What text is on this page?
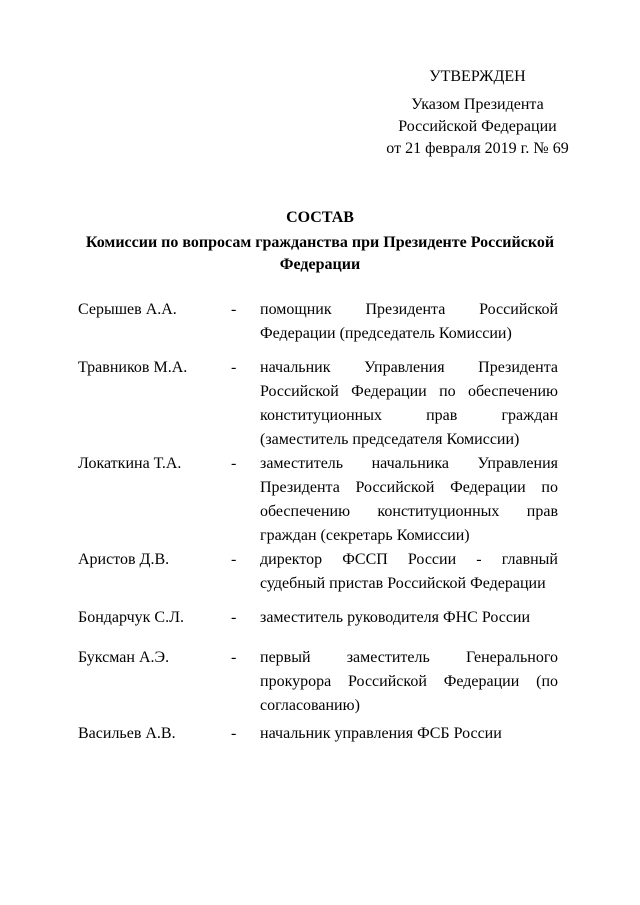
УТВЕРЖДЕН
Указом Президента
Российской Федерации
от 21 февраля 2019 г. № 69
СОСТАВ
Комиссии по вопросам гражданства при Президенте Российской Федерации
Серышев А.А.	- помощник Президента Российской Федерации (председатель Комиссии)
Травников М.А.	- начальник Управления Президента Российской Федерации по обеспечению конституционных прав граждан (заместитель председателя Комиссии)
Локаткина Т.А.	- заместитель начальника Управления Президента Российской Федерации по обеспечению конституционных прав граждан (секретарь Комиссии)
Аристов Д.В.	- директор ФССП России - главный судебный пристав Российской Федерации
Бондарчук С.Л.	- заместитель руководителя ФНС России
Буксман А.Э.	- первый заместитель Генерального прокурора Российской Федерации (по согласованию)
Васильев А.В.	- начальник управления ФСБ России
